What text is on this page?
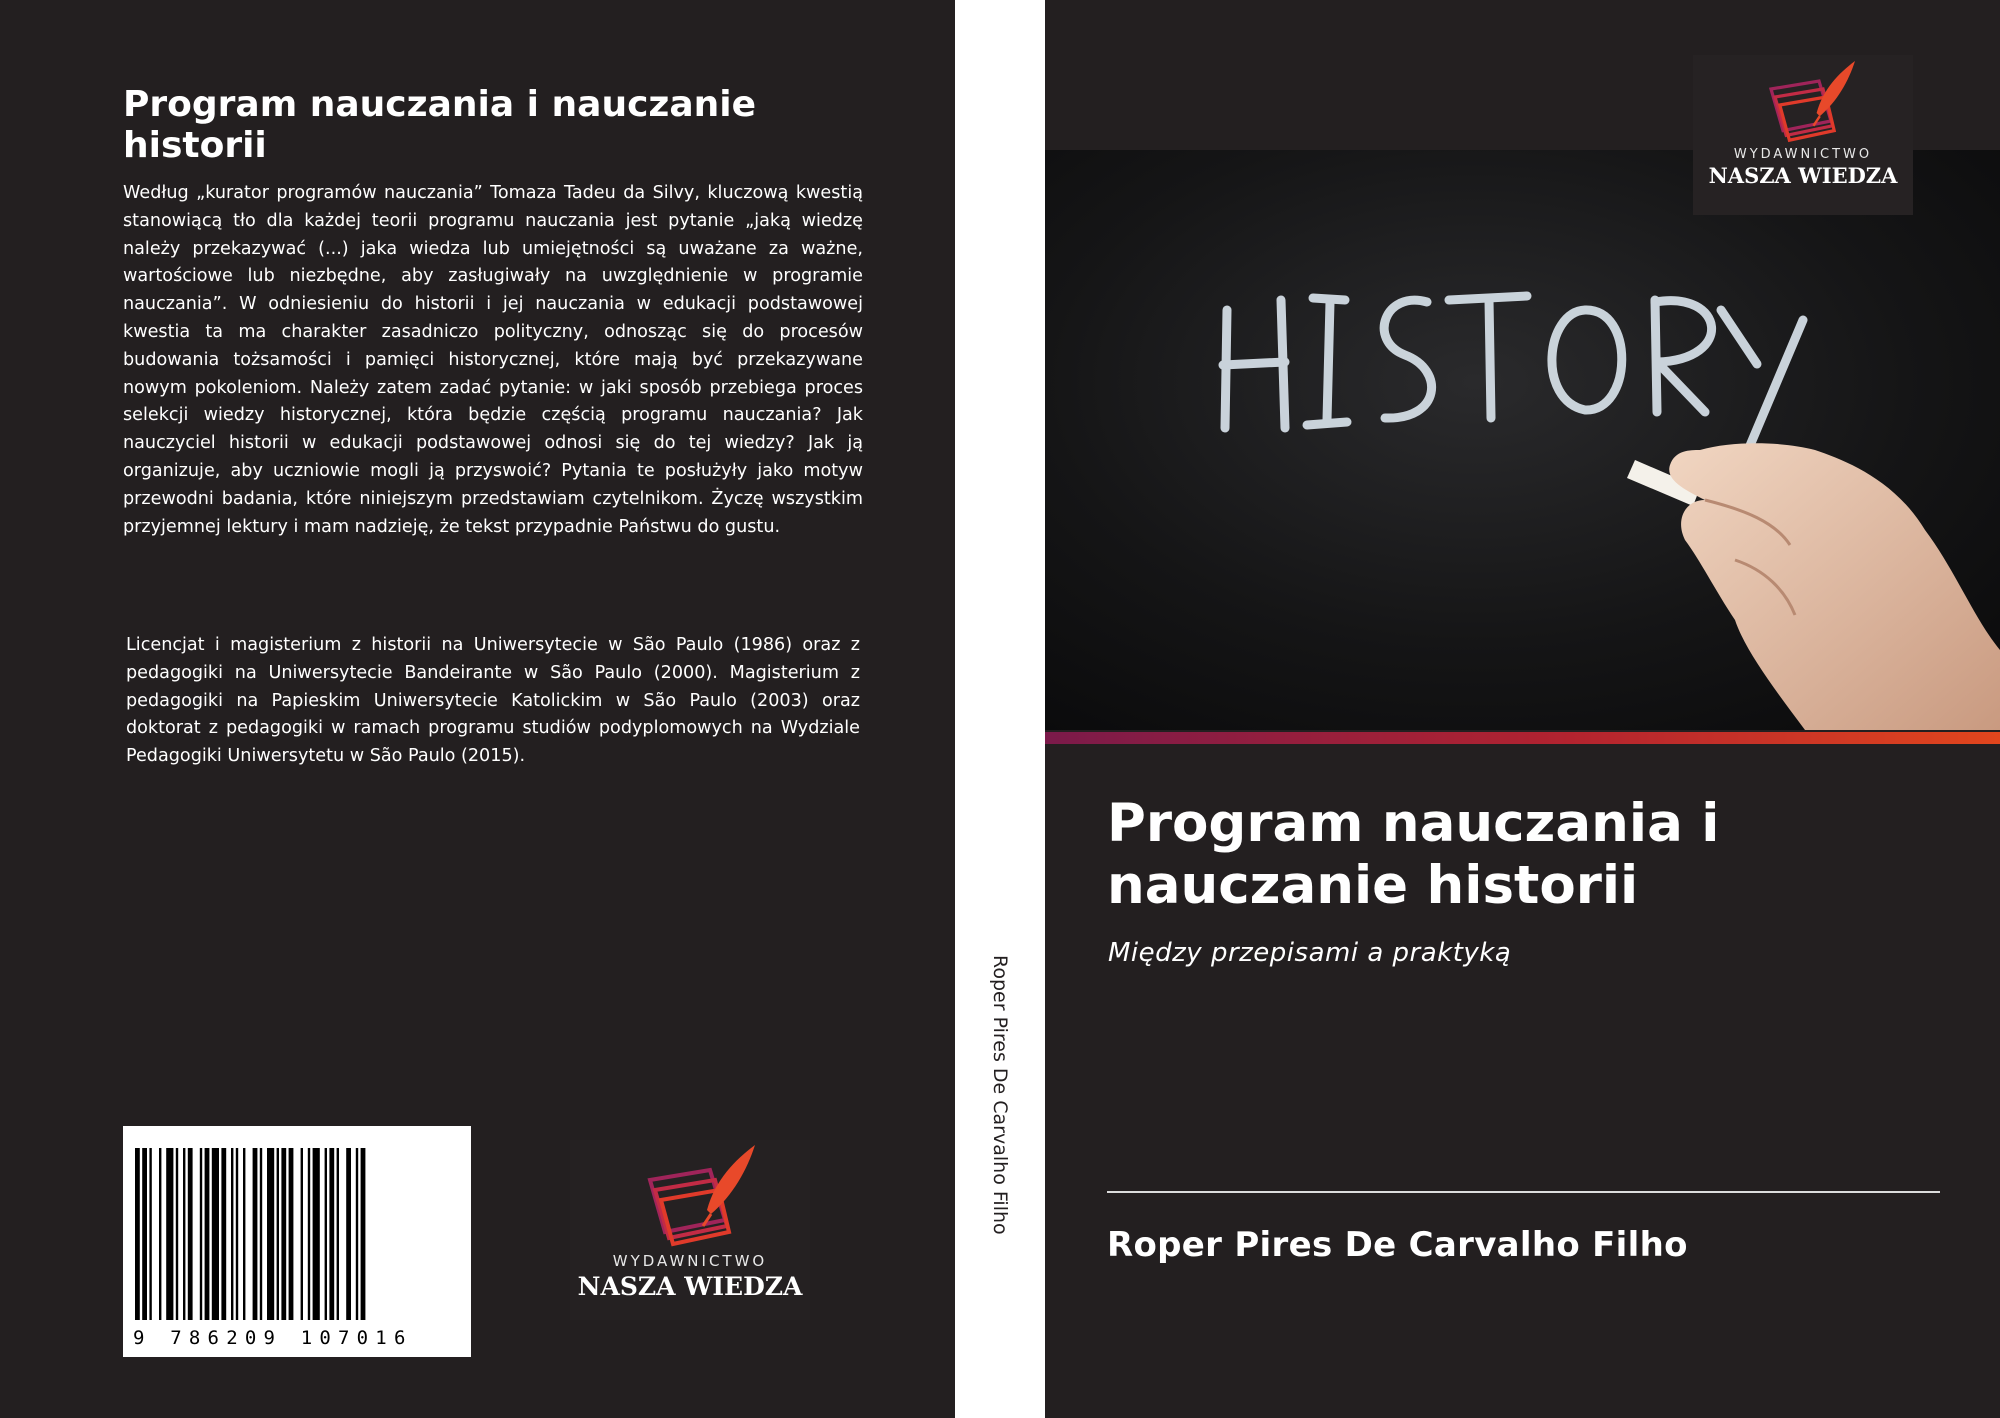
Program nauczania i nauczanie historii

Według „kurator programów nauczania” Tomaza Tadeu da Silvy, kluczową kwestią stanowiącą tło dla każdej teorii programu nauczania jest pytanie „jaką wiedzę należy przekazywać (...) jaka wiedza lub umiejętności są uważane za ważne, wartościowe lub niezbędne, aby zasługiwały na uwzględnienie w programie nauczania”. W odniesieniu do historii i jej nauczania w edukacji podstawowej kwestia ta ma charakter zasadniczo polityczny, odnosząc się do procesów budowania tożsamości i pamięci historycznej, które mają być przekazywane nowym pokoleniom. Należy zatem zadać pytanie: w jaki sposób przebiega proces selekcji wiedzy historycznej, która będzie częścią programu nauczania? Jak nauczyciel historii w edukacji podstawowej odnosi się do tej wiedzy? Jak ją organizuje, aby uczniowie mogli ją przyswoić? Pytania te posłużyły jako motyw przewodni badania, które niniejszym przedstawiam czytelnikom. Życzę wszystkim przyjemnej lektury i mam nadzieję, że tekst przypadnie Państwu do gustu.

Licencjat i magisterium z historii na Uniwersytecie w São Paulo (1986) oraz z pedagogiki na Uniwersytecie Bandeirante w São Paulo (2000). Magisterium z pedagogiki na Papieskim Uniwersytecie Katolickim w São Paulo (2003) oraz doktorat z pedagogiki w ramach programu studiów podyplomowych na Wydziale Pedagogiki Uniwersytetu w São Paulo (2015).

9 786209 107016
WYDAWNICTWO
NASZA WIEDZA
Roper Pires De Carvalho Filho
WYDAWNICTWO
NASZA WIEDZA
Program nauczania i nauczanie historii
Między przepisami a praktyką
Roper Pires De Carvalho Filho
